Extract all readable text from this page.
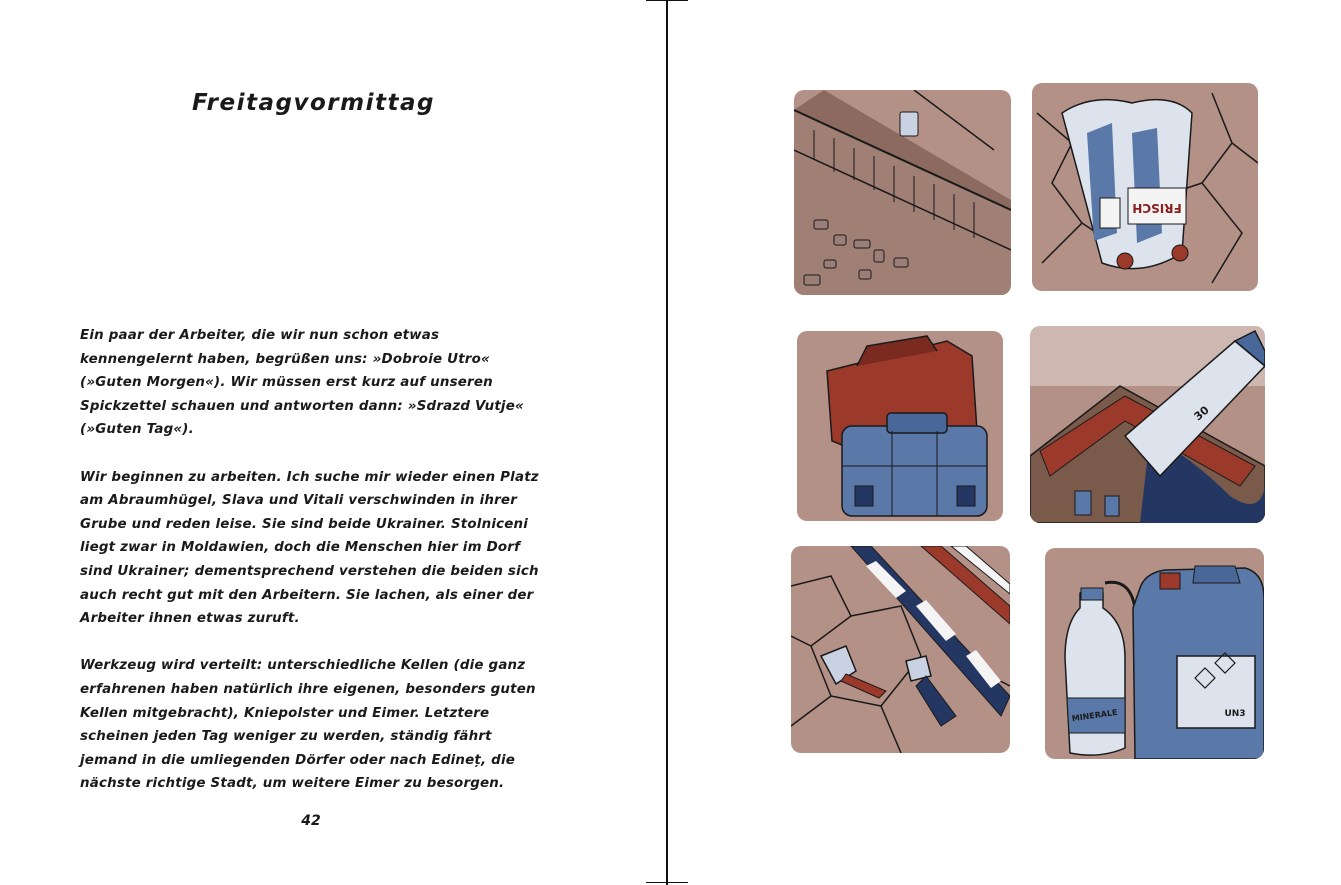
Freitagvormittag

Ein paar der Arbeiter, die wir nun schon etwas kennengelernt haben, begrüßen uns: »Dobroie Utro« (»Guten Morgen«). Wir müssen erst kurz auf unseren Spickzettel schauen und antworten dann: »Sdrazd Vutje« (»Guten Tag«).

Wir beginnen zu arbeiten. Ich suche mir wieder einen Platz am Abraumhügel, Slava und Vitali verschwinden in ihrer Grube und reden leise. Sie sind beide Ukrainer. Stolniceni liegt zwar in Moldawien, doch die Menschen hier im Dorf sind Ukrainer; dementsprechend verstehen die beiden sich auch recht gut mit den Arbeitern. Sie lachen, als einer der Arbeiter ihnen etwas zuruft.

Werkzeug wird verteilt: unterschiedliche Kellen (die ganz erfahrenen haben natürlich ihre eigenen, besonders guten Kellen mitgebracht), Kniepolster und Eimer. Letztere scheinen jeden Tag weniger zu werden, ständig fährt jemand in die umliegenden Dörfer oder nach Edineț, die nächste richtige Stadt, um weitere Eimer zu besorgen.

42
FRISCH
30
MINERALE	UN3
